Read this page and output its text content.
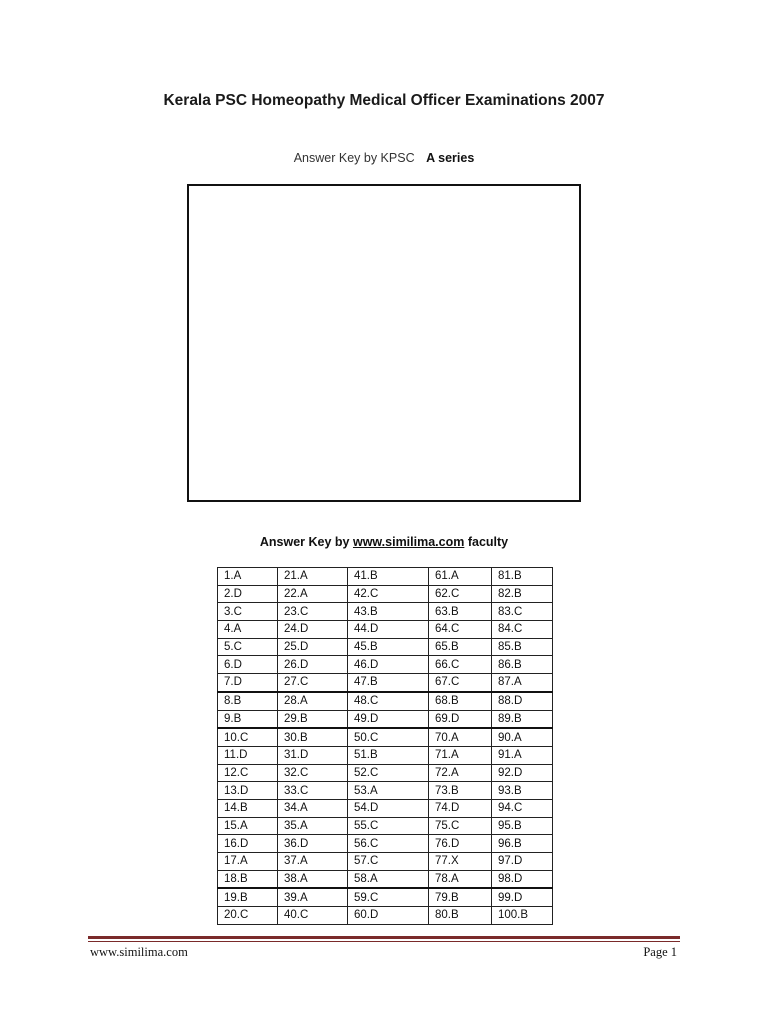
Kerala PSC Homeopathy Medical Officer Examinations 2007
Answer Key by KPSC A series
Answer Key by www.similima.com faculty
1.A	21.A	41.B	61.A	81.B
2.D	22.A	42.C	62.C	82.B
3.C	23.C	43.B	63.B	83.C
4.A	24.D	44.D	64.C	84.C
5.C	25.D	45.B	65.B	85.B
6.D	26.D	46.D	66.C	86.B
7.D	27.C	47.B	67.C	87.A
8.B	28.A	48.C	68.B	88.D
9.B	29.B	49.D	69.D	89.B
10.C	30.B	50.C	70.A	90.A
11.D	31.D	51.B	71.A	91.A
12.C	32.C	52.C	72.A	92.D
13.D	33.C	53.A	73.B	93.B
14.B	34.A	54.D	74.D	94.C
15.A	35.A	55.C	75.C	95.B
16.D	36.D	56.C	76.D	96.B
17.A	37.A	57.C	77.X	97.D
18.B	38.A	58.A	78.A	98.D
19.B	39.A	59.C	79.B	99.D
20.C	40.C	60.D	80.B	100.B
www.similima.com	Page 1
